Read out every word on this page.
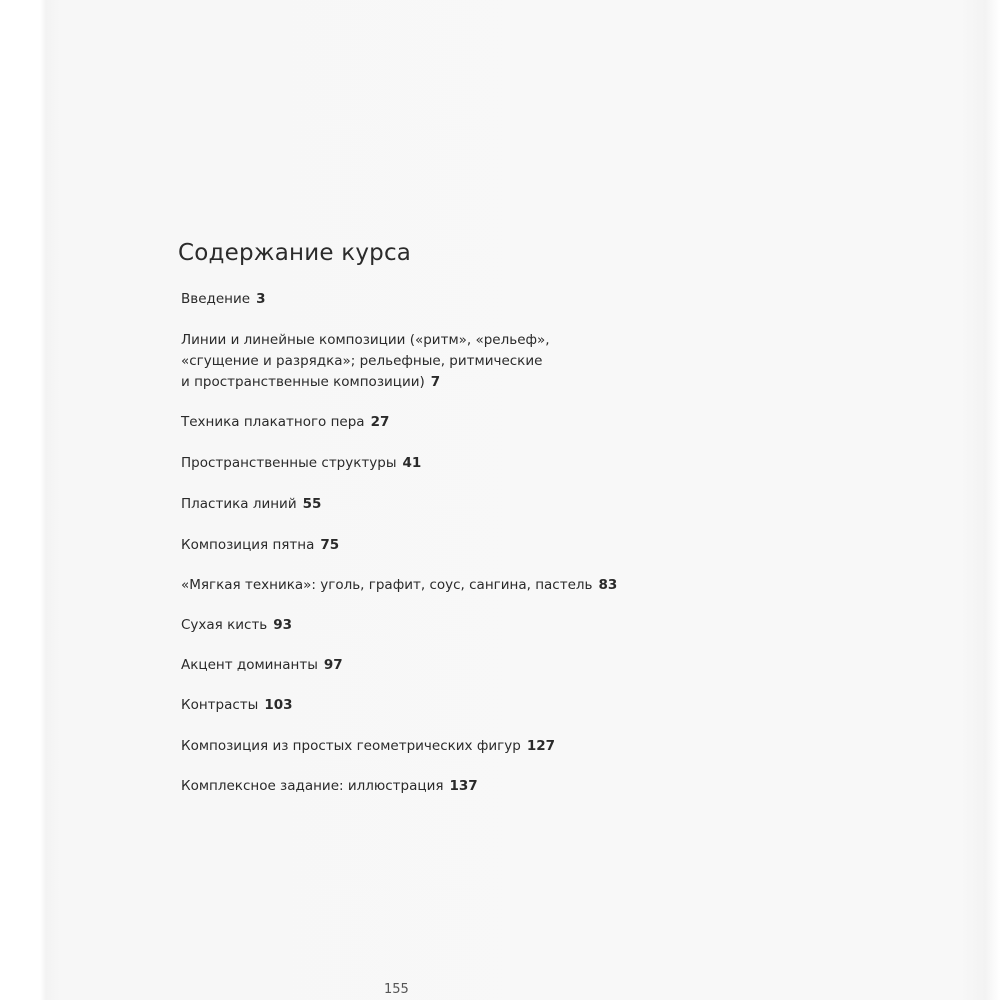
Содержание курса
Введение 3
Линии и линейные композиции («ритм», «рельеф»,
«сгущение и разрядка»; рельефные, ритмические
и пространственные композиции) 7
Техника плакатного пера 27
Пространственные структуры 41
Пластика линий 55
Композиция пятна 75
«Мягкая техника»: уголь, графит, соус, сангина, пастель 83
Сухая кисть 93
Акцент доминанты 97
Контрасты 103
Композиция из простых геометрических фигур 127
Комплексное задание: иллюстрация 137
155
